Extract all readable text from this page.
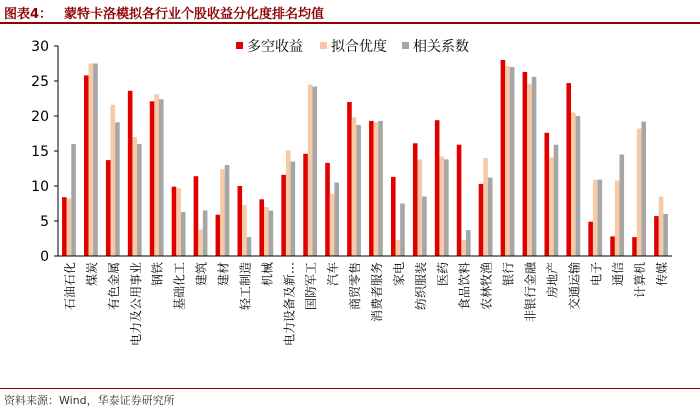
图表4： 蒙特卡洛模拟各行业个股收益分化度排名均值
0
5
10
15
20
25
30
石油石化 煤炭 有色金属 电力及公用事业 钢铁 基础化工 建筑 建材 轻工制造 机械 电力设备及新… 国防军工 汽车 商贸零售 消费者服务 家电 纺织服装 医药 食品饮料 农林牧渔 银行 非银行金融 房地产 交通运输 电子 通信 计算机 传媒
多空收益 拟合优度 相关系数
资料来源：Wind，华泰证券研究所
